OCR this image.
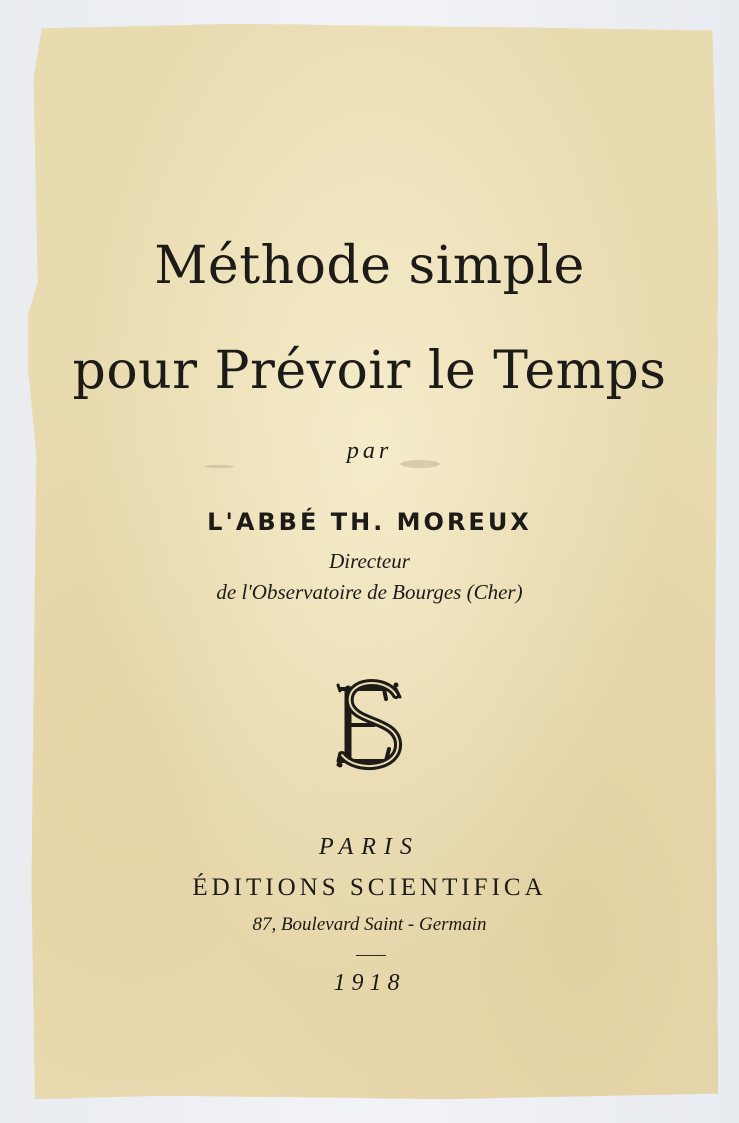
Méthode simple
pour Prévoir le Temps
par
L'ABBÉ TH. MOREUX
Directeur
de l'Observatoire de Bourges (Cher)
PARIS
ÉDITIONS SCIENTIFICA
87, Boulevard Saint - Germain
1918
